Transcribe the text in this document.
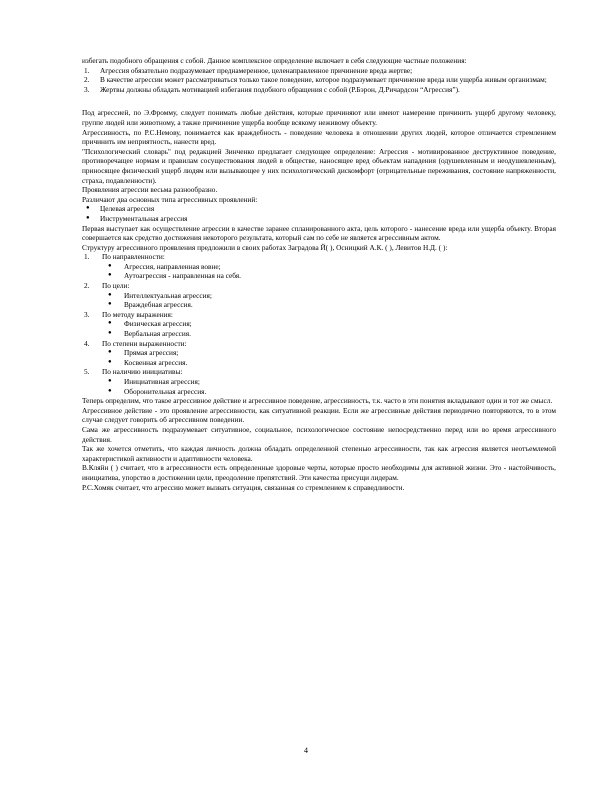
избегать подобного обращения с собой. Данное комплексное определение включает в себя следующие частные положения:

1. Агрессия обязательно подразумевает преднамеренное, целенаправленное причинение вреда жертве;
2. В качестве агрессии может рассматриваться только такое поведение, которое подразумевает причинение вреда или ущерба живым организмам;
3. Жертвы должны обладать мотивацией избегания подобного обращения с собой (Р.Бэрон, Д.Ричардсон “Агрессия”).

Под агрессией, по Э.Фромму, следует понимать любые действия, которые причиняют или имеют намерение причинить ущерб другому человеку, группе людей или животному, а также причинение ущерба вообще всякому неживому объекту.

Агрессивность, по Р.С.Немову, понимается как враждебность - поведение человека в отношении других людей, которое отличается стремлением причинить им неприятность, нанести вред.

"Психологический словарь" под редакцией Зинченко предлагает следующее определение: Агрессия - мотивированное деструктивное поведение, противоречащее нормам и правилам сосуществования людей в обществе, наносящее вред объектам нападения (одушевленным и неодушевленным), приносящее физический ущерб людям или вызывающее у них психологический дискомфорт (отрицательные переживания, состояние напряженности, страха, подавленности).

Проявления агрессии весьма разнообразно.

Различают два основных типа агрессивных проявлений:

● Целевая агрессия
● Инструментальная агрессия

Первая выступает как осуществление агрессии в качестве заранее спланированного акта, цель которого - нанесение вреда или ущерба объекту. Вторая совершается как средство достижения некоторого результата, который сам по себе не является агрессивным актом.

Структуру агрессивного проявления предложили в своих работах Заградова Й( ), Осницкий А.К. ( ), Левитов Н.Д. ( ):

1. По направленности:
● Агрессия, направленная вовне;
● Аутоагрессия - направленная на себя.
2. По цели:
● Интеллектуальная агрессия;
● Враждебная агрессия.
3. По методу выражения:
● Физическая агрессия;
● Вербальная агрессия.
4. По степени выраженности:
● Прямая агрессия;
● Косвенная агрессия.
5. По наличию инициативы:
● Инициативная агрессия;
● Оборонительная агрессия.

Теперь определим, что такое агрессивное действие и агрессивное поведение, агрессивность, т.к. часто в эти понятия вкладывают один и тот же смысл.

Агрессивное действие - это проявление агрессивности, как ситуативной реакции. Если же агрессивные действия периодично повторяются, то в этом случае следует говорить об агрессивном поведении.

Сама же агрессивность подразумевает ситуативное, социальное, психологическое состояние непосредственно перед или во время агрессивного действия.

Так же хочется отметить, что каждая личность должна обладать определенной степенью агрессивности, так как агрессия является неотъемлемой характеристикой активности и адаптивности человека.

В.Кляйн ( ) считает, что в агрессивности есть определенные здоровые черты, которые просто необходимы для активной жизни. Это - настойчивость, инициатива, упорство в достижении цели, преодоление препятствий. Эти качества присущи лидерам.

Р.С.Хомяк считает, что агрессию может вызвать ситуация, связанная со стремлением к справедливости.

4
